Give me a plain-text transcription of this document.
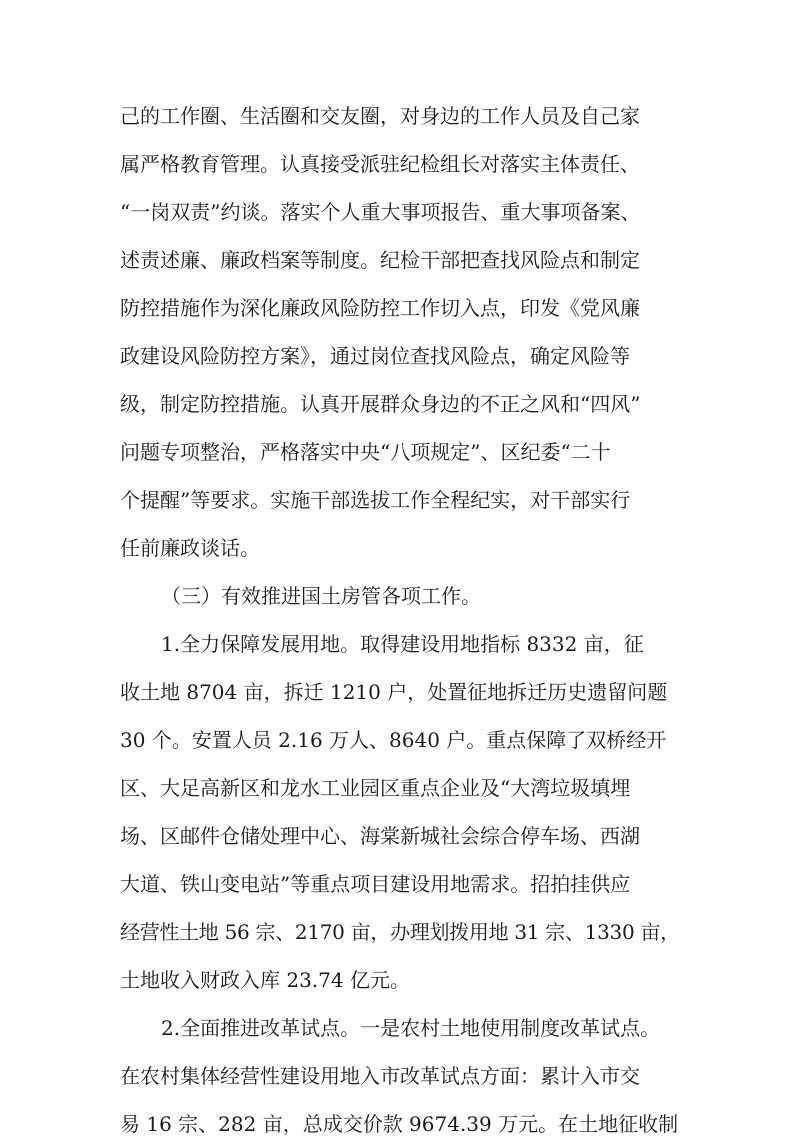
己的工作圈、生活圈和交友圈，对身边的工作人员及自己家
属严格教育管理。认真接受派驻纪检组长对落实主体责任、
“一岗双责”约谈。落实个人重大事项报告、重大事项备案、
述责述廉、廉政档案等制度。纪检干部把查找风险点和制定
防控措施作为深化廉政风险防控工作切入点，印发《党风廉
政建设风险防控方案》，通过岗位查找风险点，确定风险等
级，制定防控措施。认真开展群众身边的不正之风和“四风”
问题专项整治，严格落实中央“八项规定”、区纪委“二十
个提醒”等要求。实施干部选拔工作全程纪实，对干部实行
任前廉政谈话。
（三）有效推进国土房管各项工作。
1.全力保障发展用地。取得建设用地指标 8332 亩，征
收土地 8704 亩，拆迁 1210 户，处置征地拆迁历史遗留问题
30 个。安置人员 2.16 万人、8640 户。重点保障了双桥经开
区、大足高新区和龙水工业园区重点企业及“大湾垃圾填埋
场、区邮件仓储处理中心、海棠新城社会综合停车场、西湖
大道、铁山变电站”等重点项目建设用地需求。招拍挂供应
经营性土地 56 宗、2170 亩，办理划拨用地 31 宗、1330 亩，
土地收入财政入库 23.74 亿元。
2.全面推进改革试点。一是农村土地使用制度改革试点。
在农村集体经营性建设用地入市改革试点方面：累计入市交
易 16 宗、282 亩，总成交价款 9674.39 万元。在土地征收制
